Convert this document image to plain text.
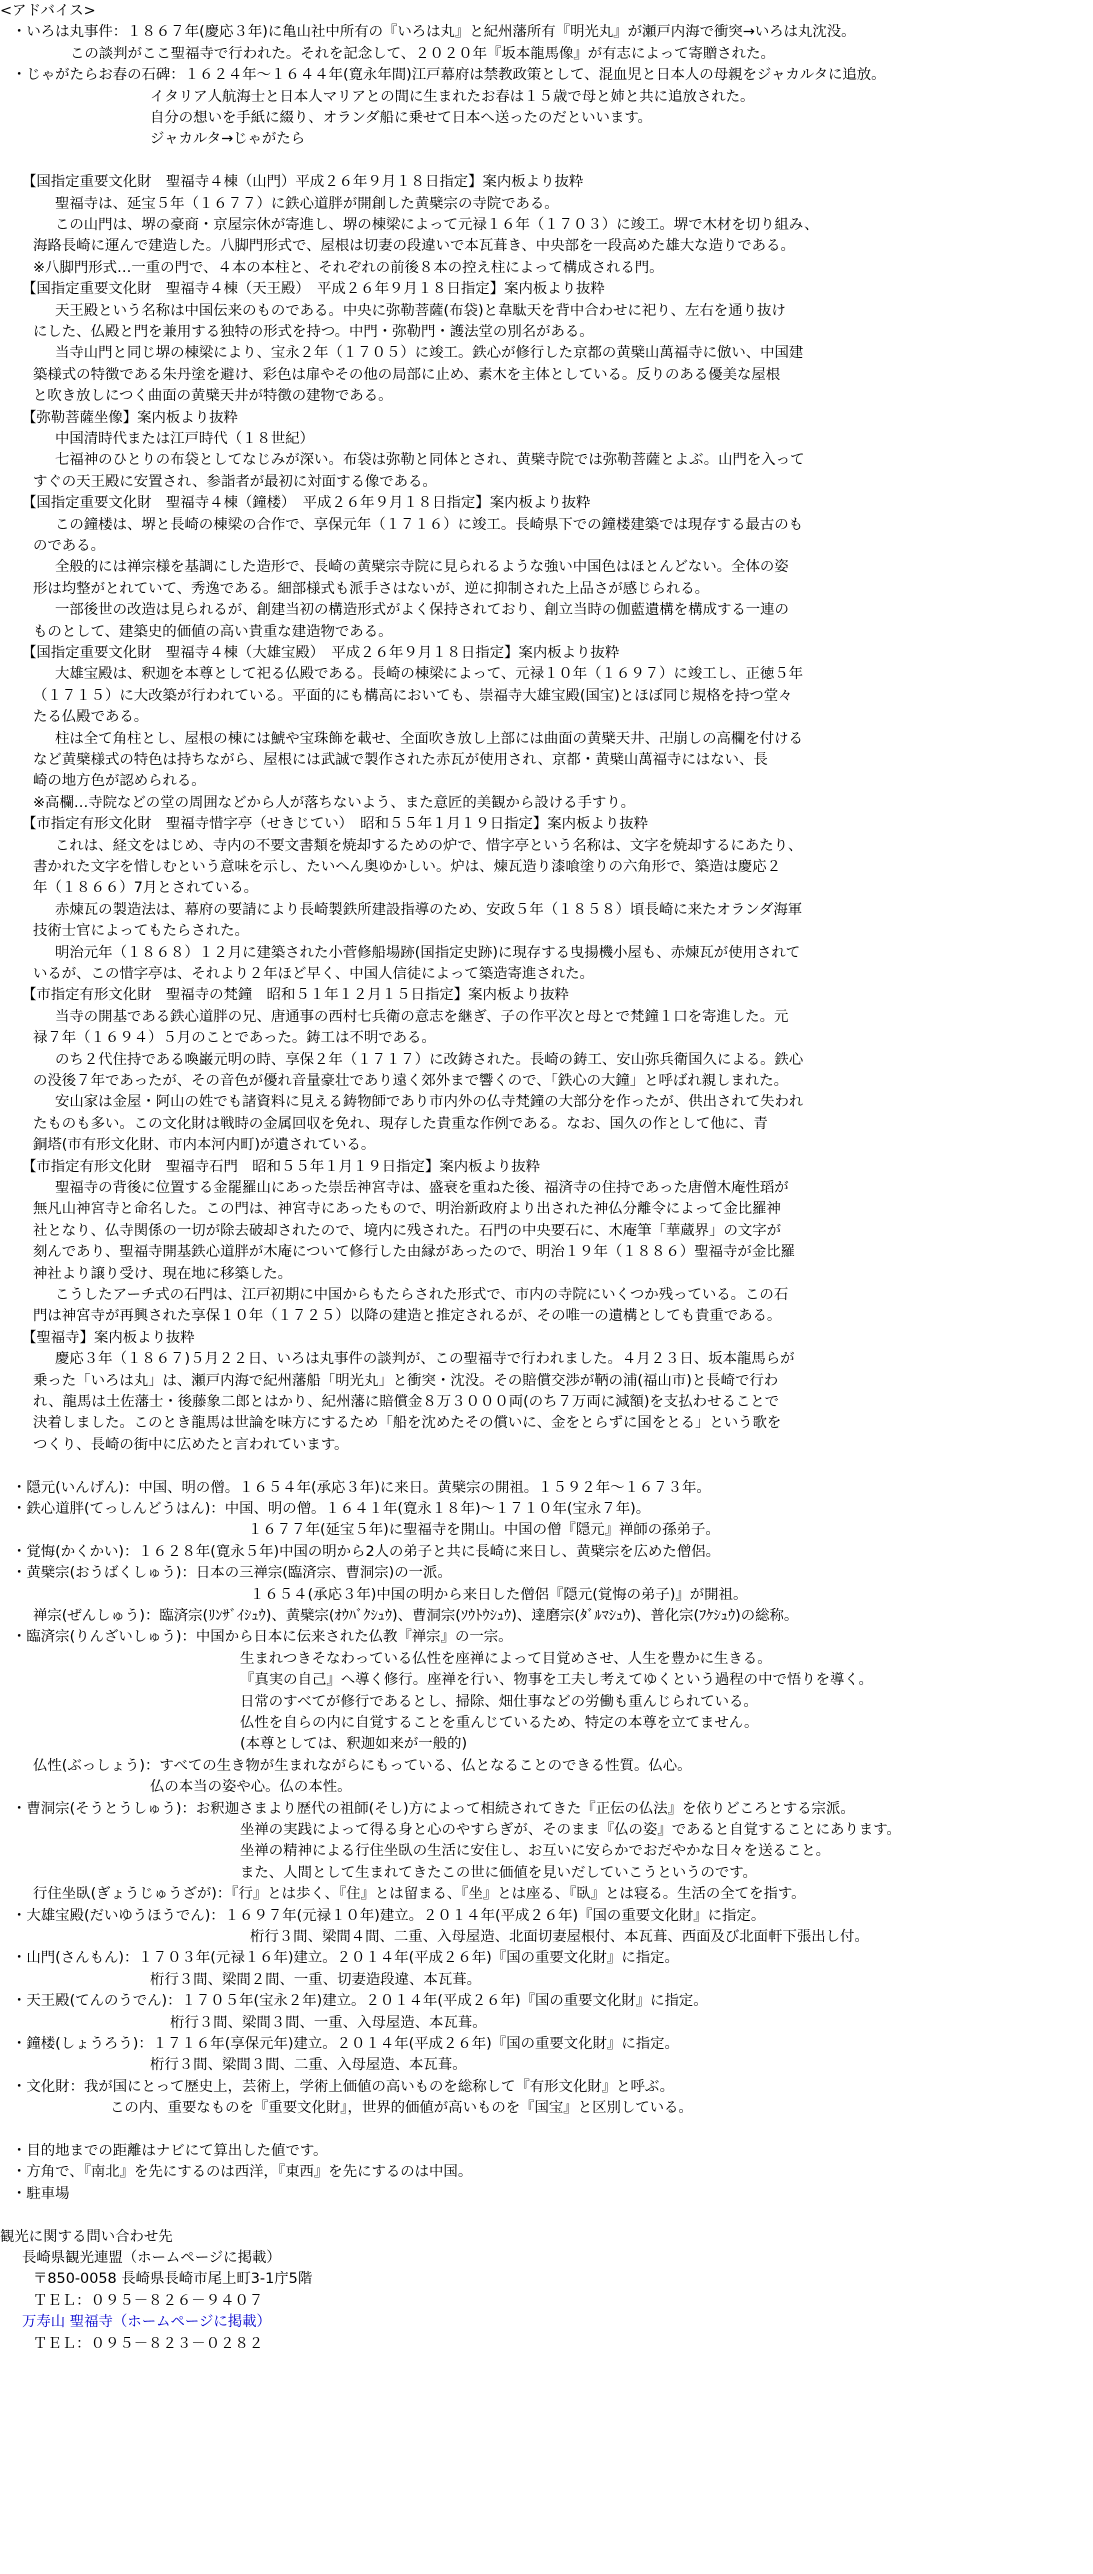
<アドバイス>
・いろは丸事件：１８６７年(慶応３年)に亀山社中所有の『いろは丸』と紀州藩所有『明光丸』が瀬戸内海で衝突→いろは丸沈没。
この談判がここ聖福寺で行われた。それを記念して、２０２０年『坂本龍馬像』が有志によって寄贈された。
・じゃがたらお春の石碑：１６２４年～１６４４年(寛永年間)江戸幕府は禁教政策として、混血児と日本人の母親をジャカルタに追放。
イタリア人航海士と日本人マリアとの間に生まれたお春は１５歳で母と姉と共に追放された。
自分の想いを手紙に綴り、オランダ船に乗せて日本へ送ったのだといいます。
ジャカルタ→じゃがたら
【国指定重要文化財　聖福寺４棟（山門）平成２６年９月１８日指定】案内板より抜粋
聖福寺は、延宝５年（１６７７）に鉄心道胖が開創した黄檗宗の寺院である。
この山門は、堺の豪商・京屋宗休が寄進し、堺の棟梁によって元禄１６年（１７０３）に竣工。堺で木材を切り組み、
海路長崎に運んで建造した。八脚門形式で、屋根は切妻の段違いで本瓦葺き、中央部を一段高めた雄大な造りである。
※八脚門形式…一重の門で、４本の本柱と、それぞれの前後８本の控え柱によって構成される門。
【国指定重要文化財　聖福寺４棟（天王殿）　平成２６年９月１８日指定】案内板より抜粋
天王殿という名称は中国伝来のものである。中央に弥勒菩薩(布袋)と韋駄天を背中合わせに祀り、左右を通り抜け
にした、仏殿と門を兼用する独特の形式を持つ。中門・弥勒門・護法堂の別名がある。
当寺山門と同じ堺の棟梁により、宝永２年（１７０５）に竣工。鉄心が修行した京都の黄檗山萬福寺に倣い、中国建
築様式の特徴である朱丹塗を避け、彩色は扉やその他の局部に止め、素木を主体としている。反りのある優美な屋根
と吹き放しにつく曲面の黄檗天井が特徴の建物である。
【弥勒菩薩坐像】案内板より抜粋
中国清時代または江戸時代（１８世紀）
七福神のひとりの布袋としてなじみが深い。布袋は弥勒と同体とされ、黄檗寺院では弥勒菩薩とよぶ。山門を入って
すぐの天王殿に安置され、参詣者が最初に対面する像である。
【国指定重要文化財　聖福寺４棟（鐘楼）　平成２６年９月１８日指定】案内板より抜粋
この鐘楼は、堺と長崎の棟梁の合作で、享保元年（１７１６）に竣工。長崎県下での鐘楼建築では現存する最古のも
のである。
全般的には禅宗様を基調にした造形で、長崎の黄檗宗寺院に見られるような強い中国色はほとんどない。全体の姿
形は均整がとれていて、秀逸である。細部様式も派手さはないが、逆に抑制された上品さが感じられる。
一部後世の改造は見られるが、創建当初の構造形式がよく保持されており、創立当時の伽藍遺構を構成する一連の
ものとして、建築史的価値の高い貴重な建造物である。
【国指定重要文化財　聖福寺４棟（大雄宝殿）　平成２６年９月１８日指定】案内板より抜粋
大雄宝殿は、釈迦を本尊として祀る仏殿である。長崎の棟梁によって、元禄１０年（１６９７）に竣工し、正徳５年
（１７１５）に大改築が行われている。平面的にも構高においても、崇福寺大雄宝殿(国宝)とほぼ同じ規格を持つ堂々
たる仏殿である。
柱は全て角柱とし、屋根の棟には鯱や宝珠飾を載せ、全面吹き放し上部には曲面の黄檗天井、卍崩しの高欄を付ける
など黄檗様式の特色は持ちながら、屋根には武誠で製作された赤瓦が使用され、京都・黄檗山萬福寺にはない、長
崎の地方色が認められる。
※高欄…寺院などの堂の周囲などから人が落ちないよう、また意匠的美観から設ける手すり。
【市指定有形文化財　聖福寺惜字亭（せきじてい）　昭和５５年１月１９日指定】案内板より抜粋
これは、経文をはじめ、寺内の不要文書類を焼却するための炉で、惜字亭という名称は、文字を焼却するにあたり、
書かれた文字を惜しむという意味を示し、たいへん奥ゆかしい。炉は、煉瓦造り漆喰塗りの六角形で、築造は慶応２
年（１８６６）7月とされている。
赤煉瓦の製造法は、幕府の要請により長崎製鉄所建設指導のため、安政５年（１８５８）頃長崎に来たオランダ海軍
技術士官によってもたらされた。
明治元年（１８６８）１２月に建築された小菅修船場跡(国指定史跡)に現存する曳揚機小屋も、赤煉瓦が使用されて
いるが、この惜字亭は、それより２年ほど早く、中国人信徒によって築造寄進された。
【市指定有形文化財　聖福寺の梵鐘　昭和５１年１２月１５日指定】案内板より抜粋
当寺の開基である鉄心道胖の兄、唐通事の西村七兵衛の意志を継ぎ、子の作平次と母とで梵鐘１口を寄進した。元
禄７年（１６９４）５月のことであった。鋳工は不明である。
のち２代住持である喚巌元明の時、享保２年（１７１７）に改鋳された。長崎の鋳工、安山弥兵衛国久による。鉄心
の没後７年であったが、その音色が優れ音量豪壮であり遠く郊外まで響くので、「鉄心の大鐘」と呼ばれ親しまれた。
安山家は金屋・阿山の姓でも諸資料に見える鋳物師であり市内外の仏寺梵鐘の大部分を作ったが、供出されて失われ
たものも多い。この文化財は戦時の金属回収を免れ、現存した貴重な作例である。なお、国久の作として他に、青
銅塔(市有形文化財、市内本河内町)が遺されている。
【市指定有形文化財　聖福寺石門　昭和５５年１月１９日指定】案内板より抜粋
聖福寺の背後に位置する金罷羅山にあった崇岳神宮寺は、盛衰を重ねた後、福済寺の住持であった唐僧木庵性瑫が
無凡山神宮寺と命名した。この門は、神宮寺にあったもので、明治新政府より出された神仏分離令によって金比羅神
社となり、仏寺関係の一切が除去破却されたので、境内に残された。石門の中央要石に、木庵筆「華蔵界」の文字が
刻んであり、聖福寺開基鉄心道胖が木庵について修行した由縁があったので、明治１９年（１８８６）聖福寺が金比羅
神社より譲り受け、現在地に移築した。
こうしたアーチ式の石門は、江戸初期に中国からもたらされた形式で、市内の寺院にいくつか残っている。この石
門は神宮寺が再興された享保１０年（１７２５）以降の建造と推定されるが、その唯一の遺構としても貴重である。
【聖福寺】案内板より抜粋
慶応３年（１８６７)５月２２日、いろは丸事件の談判が、この聖福寺で行われました。４月２３日、坂本龍馬らが
乗った「いろは丸」は、瀬戸内海で紀州藩船「明光丸」と衝突・沈没。その賠償交渉が鞆の浦(福山市)と長崎で行わ
れ、龍馬は土佐藩士・後藤象二郎とはかり、紀州藩に賠償金８万３０００両(のち７万両に減額)を支払わせることで
決着しました。このとき龍馬は世論を味方にするため「船を沈めたその償いに、金をとらずに国をとる」という歌を
つくり、長崎の街中に広めたと言われています。
・隠元(いんげん)：中国、明の僧。１６５４年(承応３年)に来日。黄檗宗の開祖。１５９２年～１６７３年。
・鉄心道胖(てっしんどうはん)：中国、明の僧。１６４１年(寛永１８年)～１７１０年(宝永７年)。
１６７７年(延宝５年)に聖福寺を開山。中国の僧『隠元』禅師の孫弟子。
・覚悔(かくかい)：１６２８年(寛永５年)中国の明から2人の弟子と共に長崎に来日し、黄檗宗を広めた僧侶。
・黄檗宗(おうばくしゅう)：日本の三禅宗(臨済宗、曹洞宗)の一派。
１６５４(承応３年)中国の明から来日した僧侶『隠元(覚悔の弟子)』が開祖。
禅宗(ぜんしゅう)：臨済宗(ﾘﾝｻﾞｲｼｭｳ)、黄檗宗(ｵｳﾊﾞｸｼｭｳ)、曹洞宗(ｿｳﾄｳｼｭｳ)、達磨宗(ﾀﾞﾙﾏｼｭｳ)、普化宗(ﾌｹｼｭｳ)の総称。
・臨済宗(りんざいしゅう)：中国から日本に伝来された仏教『禅宗』の一宗。
生まれつきそなわっている仏性を座禅によって目覚めさせ、人生を豊かに生きる。
『真実の自己』へ導く修行。座禅を行い、物事を工夫し考えてゆくという過程の中で悟りを導く。
日常のすべてが修行であるとし、掃除、畑仕事などの労働も重んじられている。
仏性を自らの内に自覚することを重んじているため、特定の本尊を立てません。
(本尊としては、釈迦如来が一般的)
仏性(ぶっしょう)：すべての生き物が生まれながらにもっている、仏となることのできる性質。仏心。
仏の本当の姿や心。仏の本性。
・曹洞宗(そうとうしゅう)：お釈迦さまより歴代の祖師(そし)方によって相続されてきた『正伝の仏法』を依りどころとする宗派。
坐禅の実践によって得る身と心のやすらぎが、そのまま『仏の姿』であると自覚することにあります。
坐禅の精神による行住坐臥の生活に安住し、お互いに安らかでおだやかな日々を送ること。
また、人間として生まれてきたこの世に価値を見いだしていこうというのです。
行住坐臥(ぎょうじゅうざが)：『行』とは歩く、『住』とは留まる、『坐』とは座る、『臥』とは寝る。生活の全てを指す。
・大雄宝殿(だいゆうほうでん)：１６９７年(元禄１０年)建立。２０１４年(平成２６年)『国の重要文化財』に指定。
桁行３間、梁間４間、二重、入母屋造、北面切妻屋根付、本瓦葺、西面及び北面軒下張出し付。
・山門(さんもん)：１７０３年(元禄１６年)建立。２０１４年(平成２６年)『国の重要文化財』に指定。
桁行３間、梁間２間、一重、切妻造段違、本瓦葺。
・天王殿(てんのうでん)：１７０５年(宝永２年)建立。２０１４年(平成２６年)『国の重要文化財』に指定。
桁行３間、梁間３間、一重、入母屋造、本瓦葺。
・鐘楼(しょうろう)：１７１６年(享保元年)建立。２０１４年(平成２６年)『国の重要文化財』に指定。
桁行３間、梁間３間、二重、入母屋造、本瓦葺。
・文化財：我が国にとって歴史上，芸術上，学術上価値の高いものを総称して『有形文化財』と呼ぶ。
この内、重要なものを『重要文化財』，世界的価値が高いものを『国宝』と区別している。
・目的地までの距離はナビにて算出した値です。
・方角で、『南北』を先にするのは西洋，『東西』を先にするのは中国。
・駐車場
観光に関する問い合わせ先
長崎県観光連盟（ホームページに掲載）
〒850-0058 長崎県長崎市尾上町3-1庁5階
ＴＥＬ：０９５－８２６－９４０７
万寿山 聖福寺（ホームページに掲載）
ＴＥＬ：０９５－８２３－０２８２
